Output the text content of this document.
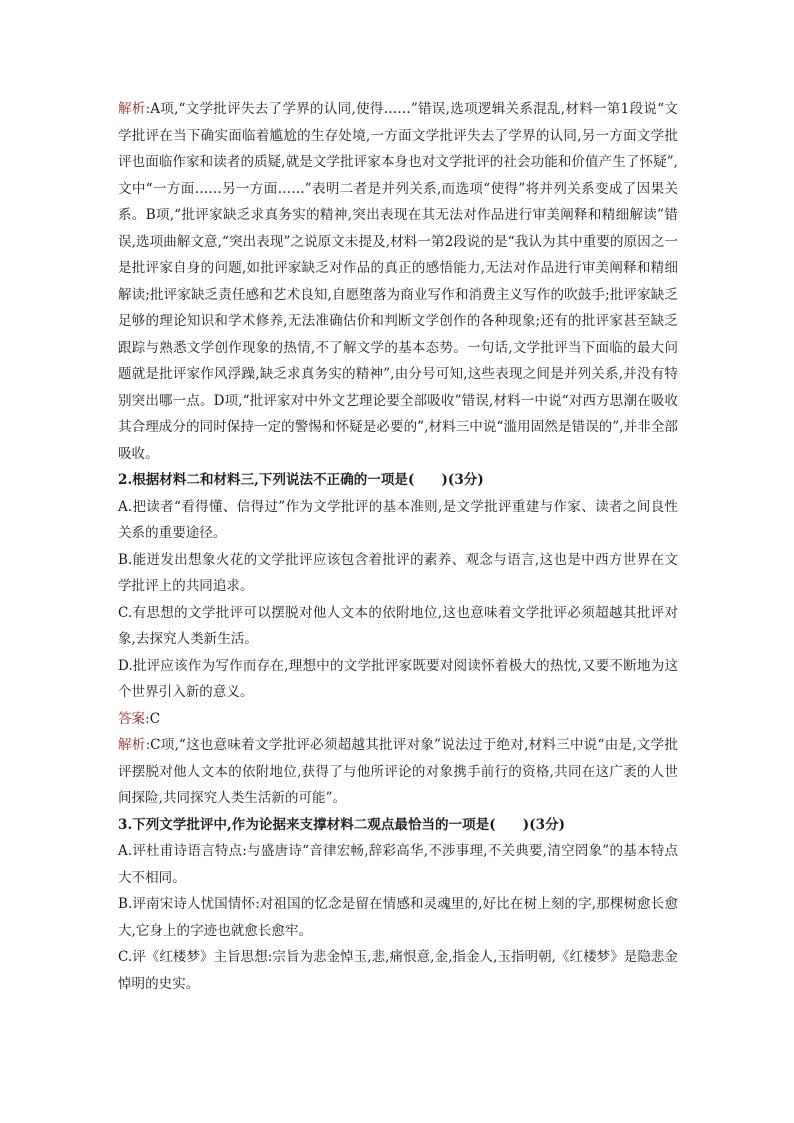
解析:A项,“文学批评失去了学界的认同,使得……”错误,选项逻辑关系混乱,材料一第1段说“文学批评在当下确实面临着尴尬的生存处境,一方面文学批评失去了学界的认同,另一方面文学批评也面临作家和读者的质疑,就是文学批评家本身也对文学批评的社会功能和价值产生了怀疑”,文中“一方面……另一方面……”表明二者是并列关系,而选项“使得”将并列关系变成了因果关系。B项,“批评家缺乏求真务实的精神,突出表现在其无法对作品进行审美阐释和精细解读”错误,选项曲解文意,“突出表现”之说原文未提及,材料一第2段说的是“我认为其中重要的原因之一是批评家自身的问题,如批评家缺乏对作品的真正的感悟能力,无法对作品进行审美阐释和精细解读;批评家缺乏责任感和艺术良知,自愿堕落为商业写作和消费主义写作的吹鼓手;批评家缺乏足够的理论知识和学术修养,无法准确估价和判断文学创作的各种现象;还有的批评家甚至缺乏跟踪与熟悉文学创作现象的热情,不了解文学的基本态势。一句话,文学批评当下面临的最大问题就是批评家作风浮躁,缺乏求真务实的精神”,由分号可知,这些表现之间是并列关系,并没有特别突出哪一点。D项,“批评家对中外文艺理论要全部吸收”错误,材料一中说“对西方思潮在吸收其合理成分的同时保持一定的警惕和怀疑是必要的”,材料三中说“滥用固然是错误的”,并非全部吸收。

2.根据材料二和材料三,下列说法不正确的一项是(　　)(3分)

A.把读者“看得懂、信得过”作为文学批评的基本准则,是文学批评重建与作家、读者之间良性关系的重要途径。

B.能迸发出想象火花的文学批评应该包含着批评的素养、观念与语言,这也是中西方世界在文学批评上的共同追求。

C.有思想的文学批评可以摆脱对他人文本的依附地位,这也意味着文学批评必须超越其批评对象,去探究人类新生活。

D.批评应该作为写作而存在,理想中的文学批评家既要对阅读怀着极大的热忱,又要不断地为这个世界引入新的意义。

答案:C

解析:C项,“这也意味着文学批评必须超越其批评对象”说法过于绝对,材料三中说“由是,文学批评摆脱对他人文本的依附地位,获得了与他所评论的对象携手前行的资格,共同在这广袤的人世间探险,共同探究人类生活新的可能”。

3.下列文学批评中,作为论据来支撑材料二观点最恰当的一项是(　　)(3分)

A.评杜甫诗语言特点:与盛唐诗“音律宏畅,辞彩高华,不涉事理,不关典要,清空罔象”的基本特点大不相同。

B.评南宋诗人忧国情怀:对祖国的忆念是留在情感和灵魂里的,好比在树上刻的字,那棵树愈长愈大,它身上的字迹也就愈长愈牢。

C.评《红楼梦》主旨思想:宗旨为悲金悼玉,悲,痛恨意,金,指金人,玉指明朝,《红楼梦》是隐悲金悼明的史实。
